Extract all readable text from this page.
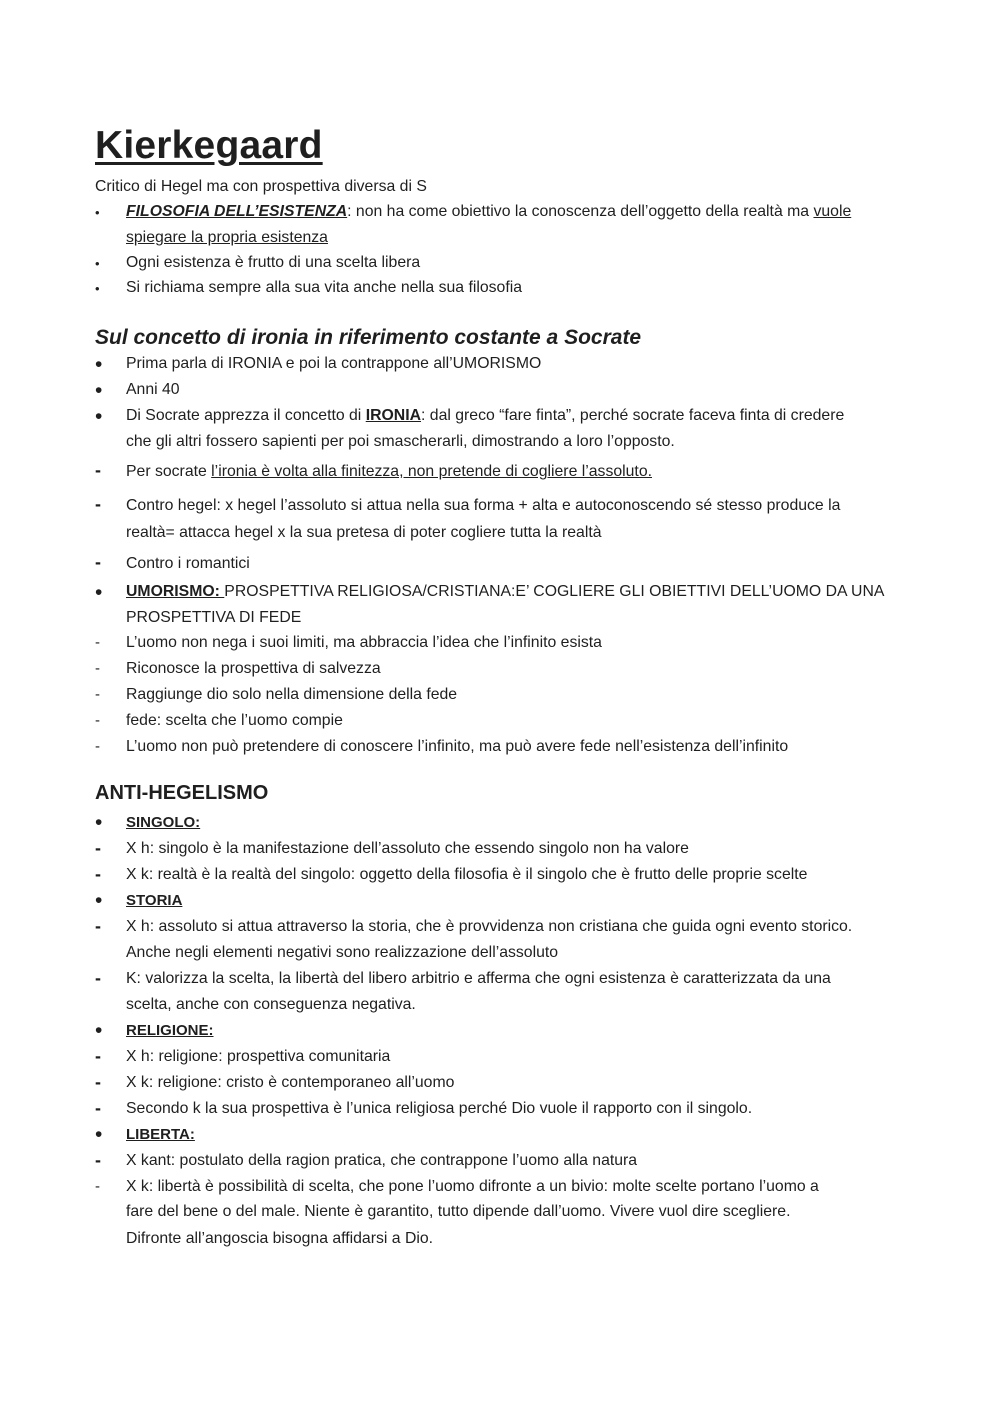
Kierkegaard
Critico di Hegel ma con prospettiva diversa di S
•	FILOSOFIA DELL’ESISTENZA: non ha come obiettivo la conoscenza dell’oggetto della realtà ma vuole
spiegare la propria esistenza
•	Ogni esistenza è frutto di una scelta libera
•	Si richiama sempre alla sua vita anche nella sua filosofia
Sul concetto di ironia in riferimento costante a Socrate
•	Prima parla di IRONIA e poi la contrappone all’UMORISMO
•	Anni 40
•	Di Socrate apprezza il concetto di IRONIA: dal greco “fare finta”, perché socrate faceva finta di credere
che gli altri fossero sapienti per poi smascherarli, dimostrando a loro l’opposto.
-	Per socrate l’ironia è volta alla finitezza, non pretende di cogliere l’assoluto.
-	Contro hegel: x hegel l’assoluto si attua nella sua forma + alta e autoconoscendo sé stesso produce la
realtà= attacca hegel x la sua pretesa di poter cogliere tutta la realtà
-	Contro i romantici
•	UMORISMO: PROSPETTIVA RELIGIOSA/CRISTIANA:E’ COGLIERE GLI OBIETTIVI DELL’UOMO DA UNA
PROSPETTIVA DI FEDE
-	L’uomo non nega i suoi limiti, ma abbraccia l’idea che l’infinito esista
-	Riconosce la prospettiva di salvezza
-	Raggiunge dio solo nella dimensione della fede
-	fede: scelta che l’uomo compie
-	L’uomo non può pretendere di conoscere l’infinito, ma può avere fede nell’esistenza dell’infinito
ANTI-HEGELISMO
•	SINGOLO:
-	X h: singolo è la manifestazione dell’assoluto che essendo singolo non ha valore
-	X k: realtà è la realtà del singolo: oggetto della filosofia è il singolo che è frutto delle proprie scelte
•	STORIA
-	X h: assoluto si attua attraverso la storia, che è provvidenza non cristiana che guida ogni evento storico.
Anche negli elementi negativi sono realizzazione dell’assoluto
-	K: valorizza la scelta, la libertà del libero arbitrio e afferma che ogni esistenza è caratterizzata da una
scelta, anche con conseguenza negativa.
•	RELIGIONE:
-	X h: religione: prospettiva comunitaria
-	X k: religione: cristo è contemporaneo all’uomo
-	Secondo k la sua prospettiva è l’unica religiosa perché Dio vuole il rapporto con il singolo.
•	LIBERTA:
-	X kant: postulato della ragion pratica, che contrappone l’uomo alla natura
-	X k: libertà è possibilità di scelta, che pone l’uomo difronte a un bivio: molte scelte portano l’uomo a
fare del bene o del male. Niente è garantito, tutto dipende dall’uomo. Vivere vuol dire scegliere.
Difronte all’angoscia bisogna affidarsi a Dio.
